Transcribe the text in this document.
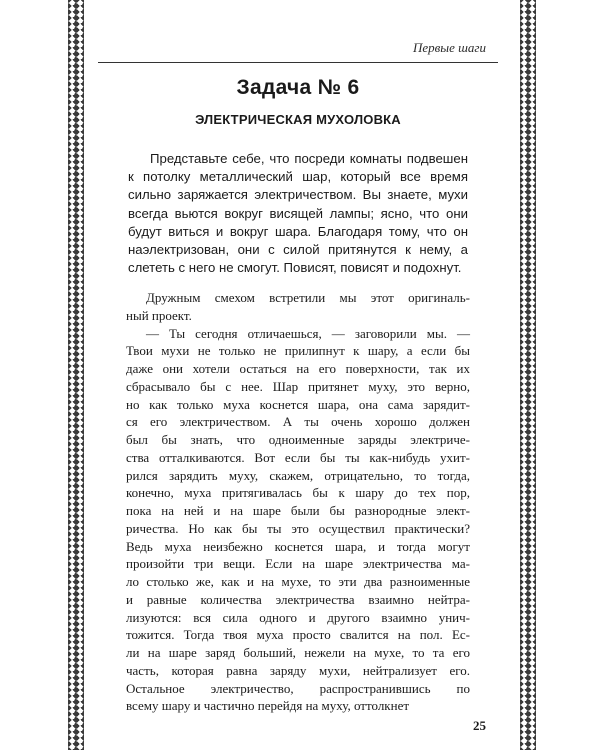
Первые шаги
Задача № 6
ЭЛЕКТРИЧЕСКАЯ МУХОЛОВКА

Представьте себе, что посреди комнаты подвешен к потолку металлический шар, который все время сильно заряжается электричеством. Вы знаете, мухи всегда вьются вокруг висящей лампы; ясно, что они будут виться и вокруг шара. Благодаря тому, что он наэлектризован, они с силой притянутся к нему, а слететь с него не смогут. Повисят, повисят и подохнут.

Дружным смехом встретили мы этот оригиналь-
ный проект.
— Ты сегодня отличаешься, — заговорили мы. —
Твои мухи не только не прилипнут к шару, а если бы
даже они хотели остаться на его поверхности, так их
сбрасывало бы с нее. Шар притянет муху, это верно,
но как только муха коснется шара, она сама зарядит-
ся его электричеством. А ты очень хорошо должен
был бы знать, что одноименные заряды электриче-
ства отталкиваются. Вот если бы ты как-нибудь ухит-
рился зарядить муху, скажем, отрицательно, то тогда,
конечно, муха притягивалась бы к шару до тех пор,
пока на ней и на шаре были бы разнородные элект-
ричества. Но как бы ты это осуществил практически?
Ведь муха неизбежно коснется шара, и тогда могут
произойти три вещи. Если на шаре электричества ма-
ло столько же, как и на мухе, то эти два разноименные
и равные количества электричества взаимно нейтра-
лизуются: вся сила одного и другого взаимно унич-
тожится. Тогда твоя муха просто свалится на пол. Ес-
ли на шаре заряд больший, нежели на мухе, то та его
часть, которая равна заряду мухи, нейтрализует его.
Остальное электричество, распространившись по
всему шару и частично перейдя на муху, оттолкнет
25
